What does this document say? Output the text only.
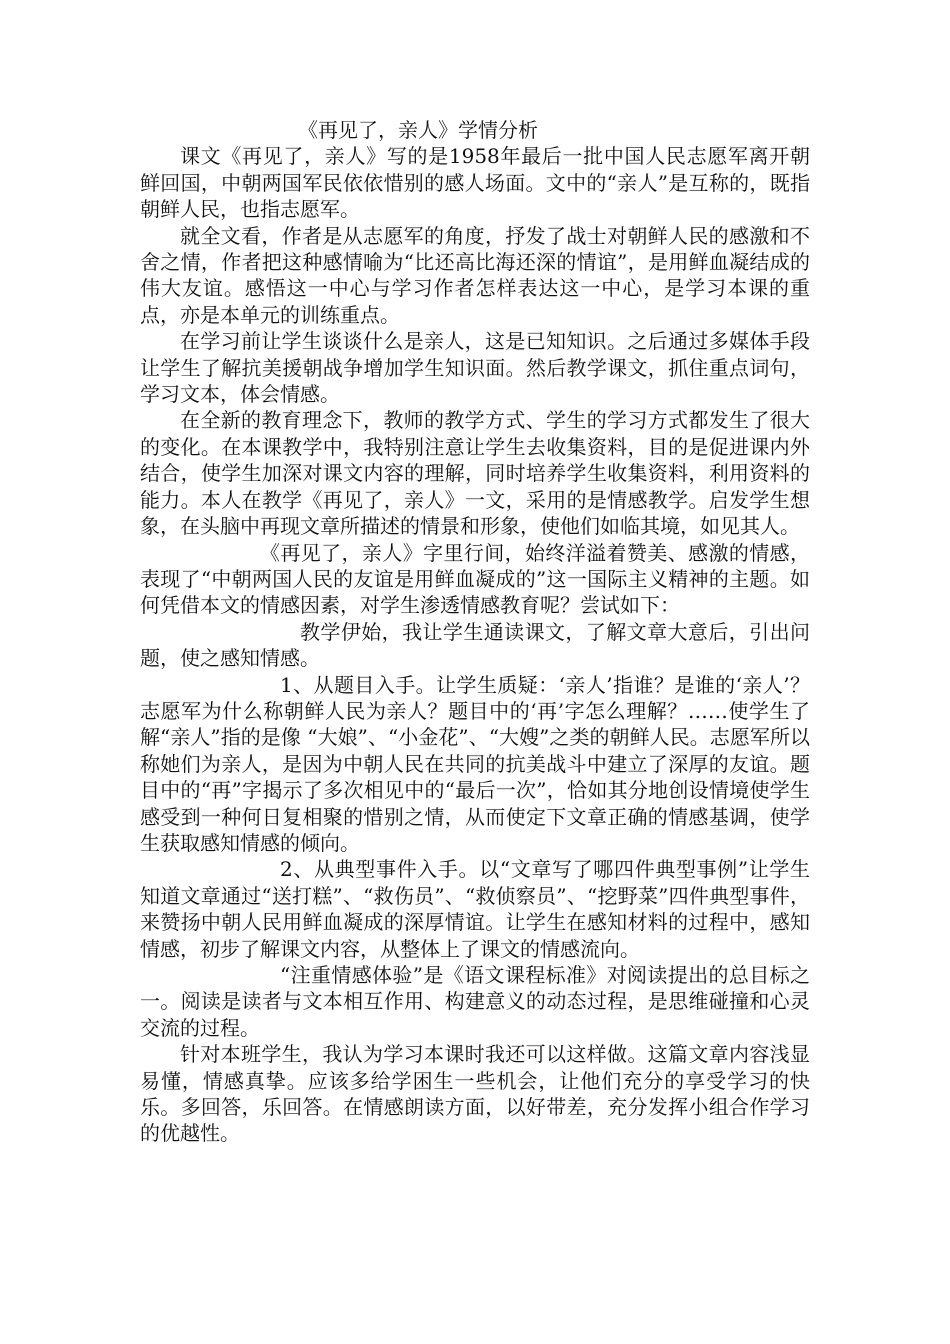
《再见了，亲人》学情分析

课文《再见了，亲人》写的是1958年最后一批中国人民志愿军离开朝鲜回国，中朝两国军民依依惜别的感人场面。文中的“亲人”是互称的，既指朝鲜人民，也指志愿军。

就全文看，作者是从志愿军的角度，抒发了战士对朝鲜人民的感激和不舍之情，作者把这种感情喻为“比还高比海还深的情谊”，是用鲜血凝结成的伟大友谊。感悟这一中心与学习作者怎样表达这一中心，是学习本课的重点，亦是本单元的训练重点。

在学习前让学生谈谈什么是亲人，这是已知知识。之后通过多媒体手段让学生了解抗美援朝战争增加学生知识面。然后教学课文，抓住重点词句，学习文本，体会情感。

在全新的教育理念下，教师的教学方式、学生的学习方式都发生了很大的变化。在本课教学中，我特别注意让学生去收集资料，目的是促进课内外结合，使学生加深对课文内容的理解，同时培养学生收集资料，利用资料的能力。本人在教学《再见了，亲人》一文，采用的是情感教学。启发学生想象，在头脑中再现文章所描述的情景和形象，使他们如临其境，如见其人。

《再见了，亲人》字里行间，始终洋溢着赞美、感激的情感，表现了“中朝两国人民的友谊是用鲜血凝成的”这一国际主义精神的主题。如何凭借本文的情感因素，对学生渗透情感教育呢？尝试如下：

教学伊始，我让学生通读课文，了解文章大意后，引出问题，使之感知情感。

1、从题目入手。让学生质疑：‘亲人’指谁？是谁的‘亲人’？志愿军为什么称朝鲜人民为亲人？题目中的‘再’字怎么理解？……使学生了解“亲人”指的是像 “大娘”、“小金花”、“大嫂”之类的朝鲜人民。志愿军所以称她们为亲人，是因为中朝人民在共同的抗美战斗中建立了深厚的友谊。题目中的“再”字揭示了多次相见中的“最后一次”，恰如其分地创设情境使学生感受到一种何日复相聚的惜别之情，从而使定下文章正确的情感基调，使学生获取感知情感的倾向。

2、从典型事件入手。以“文章写了哪四件典型事例”让学生知道文章通过“送打糕”、“救伤员”、“救侦察员”、“挖野菜”四件典型事件，来赞扬中朝人民用鲜血凝成的深厚情谊。让学生在感知材料的过程中，感知情感，初步了解课文内容，从整体上了课文的情感流向。

“注重情感体验”是《语文课程标准》对阅读提出的总目标之一。阅读是读者与文本相互作用、构建意义的动态过程，是思维碰撞和心灵交流的过程。

针对本班学生，我认为学习本课时我还可以这样做。这篇文章内容浅显易懂，情感真挚。应该多给学困生一些机会，让他们充分的享受学习的快乐。多回答，乐回答。在情感朗读方面，以好带差，充分发挥小组合作学习的优越性。
